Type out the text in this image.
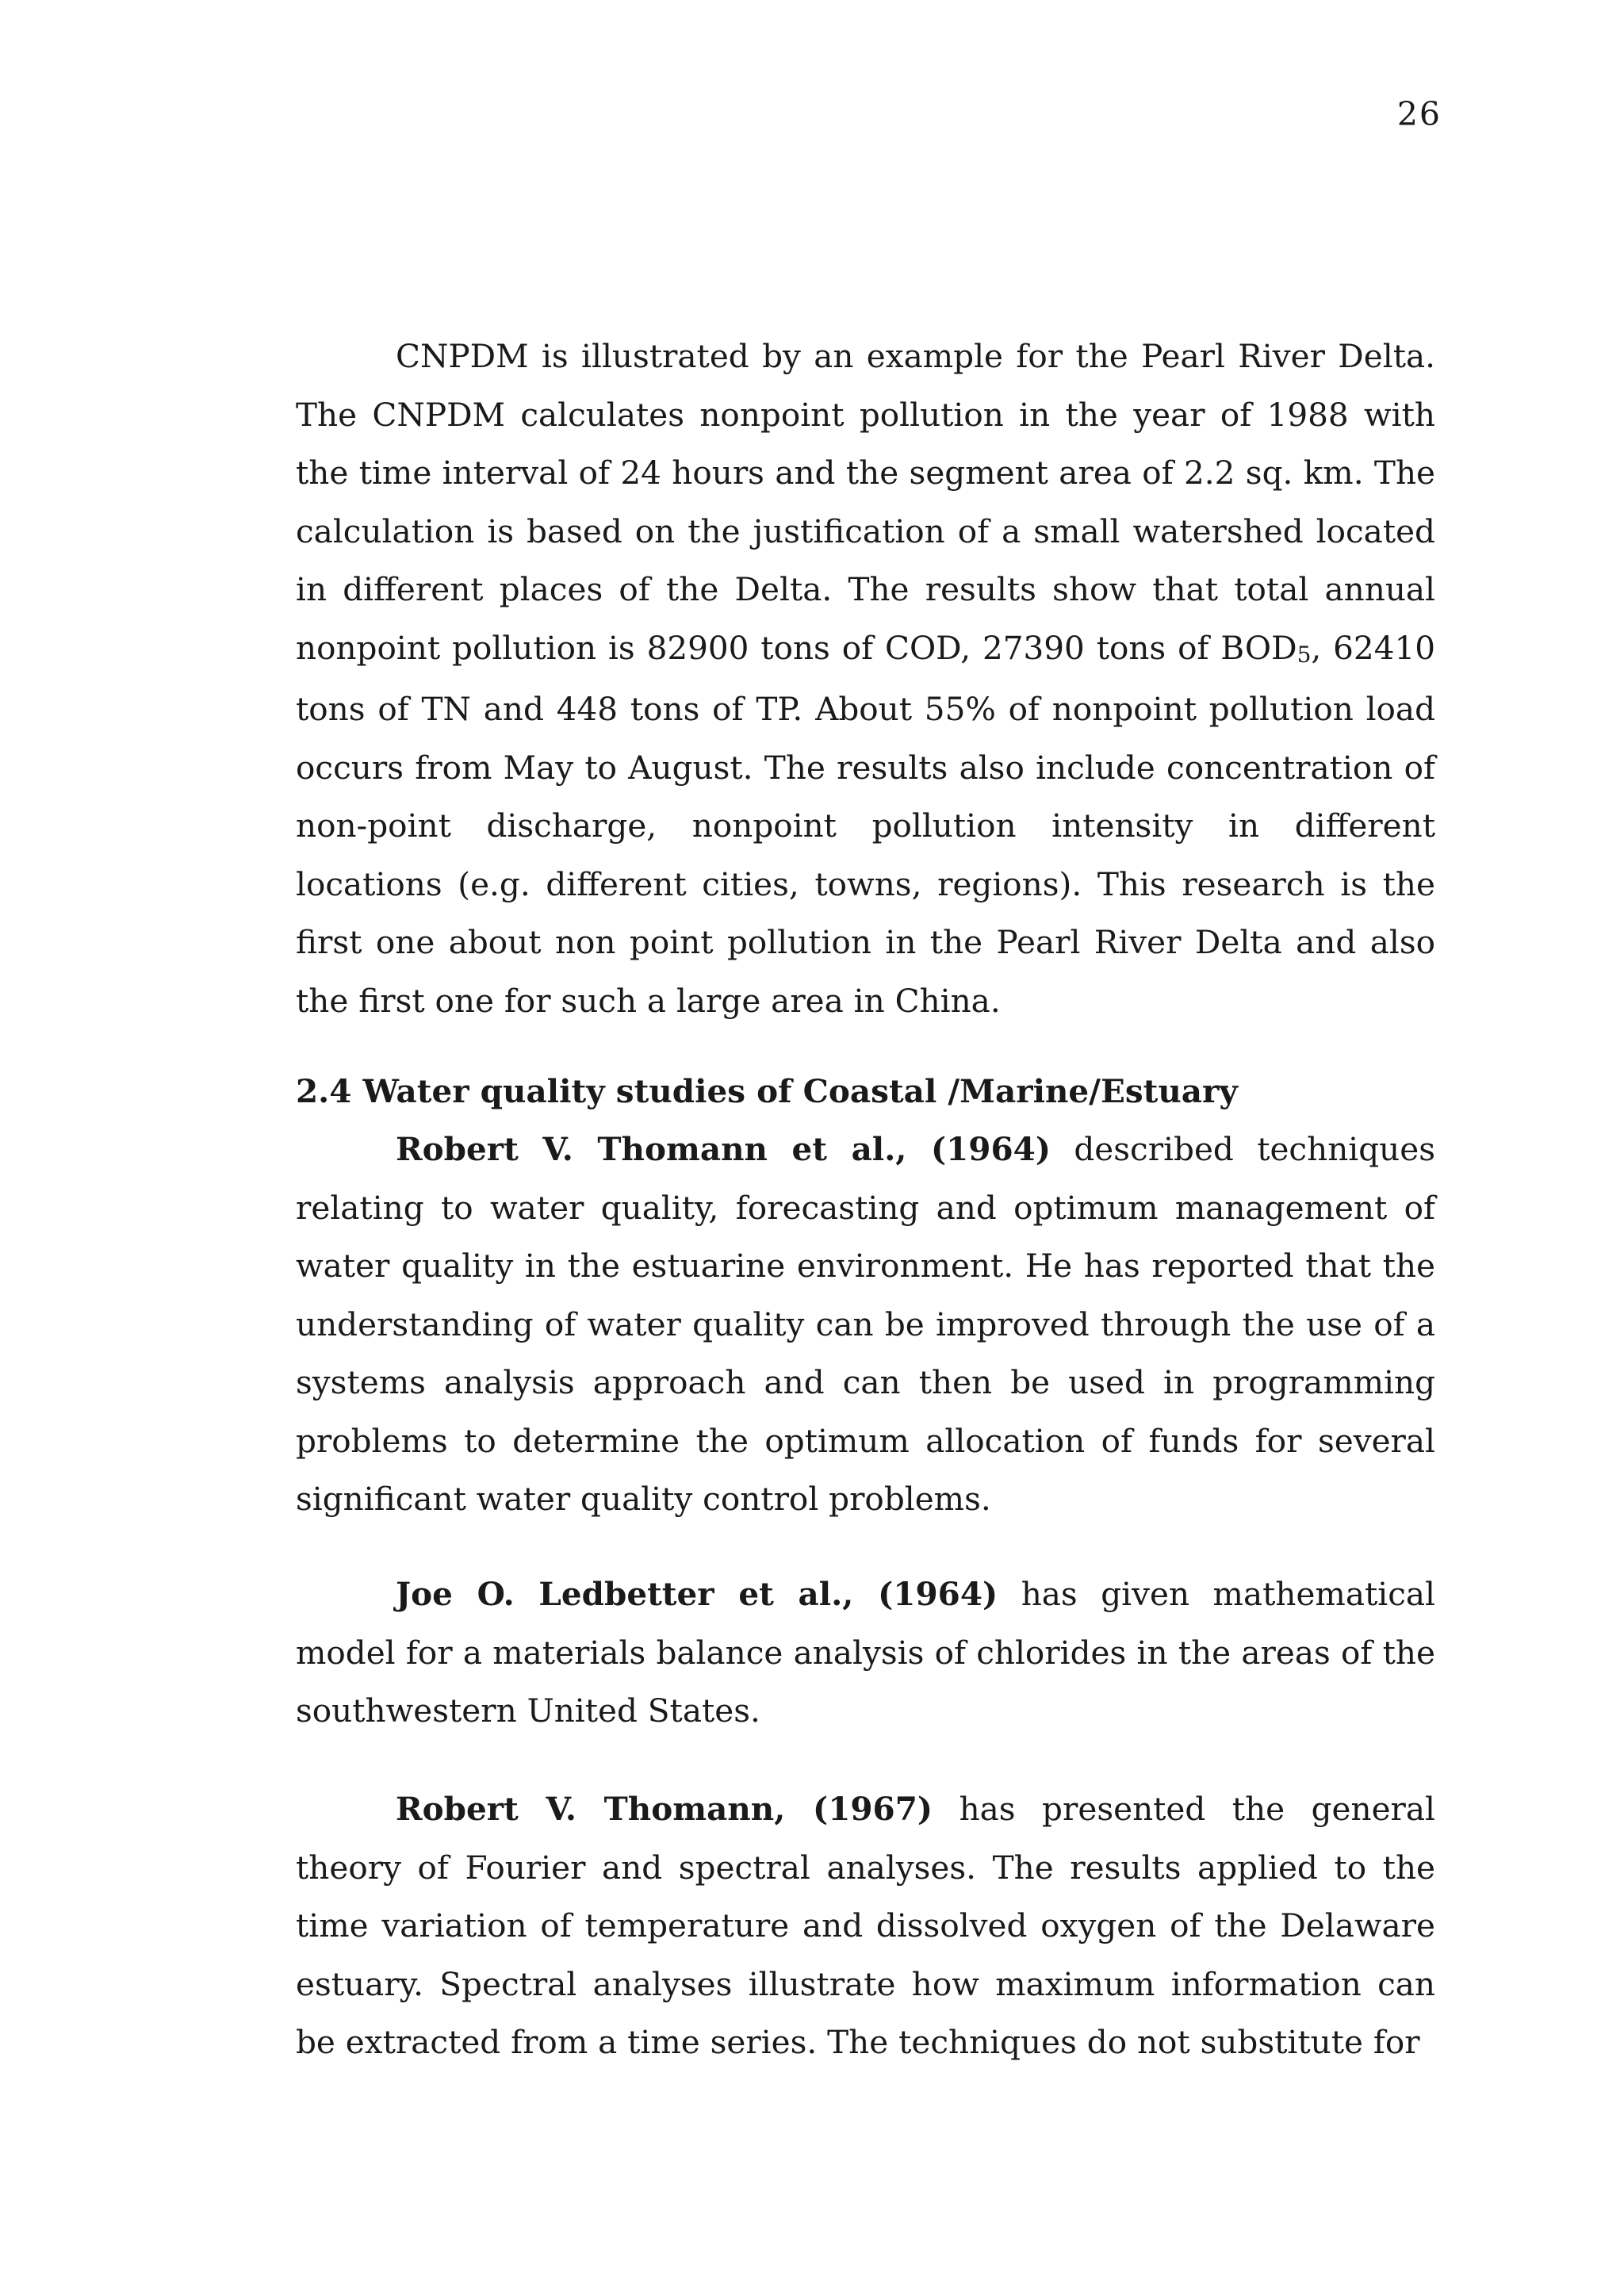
26

CNPDM is illustrated by an example for the Pearl River Delta. The CNPDM calculates nonpoint pollution in the year of 1988 with the time interval of 24 hours and the segment area of 2.2 sq. km. The calculation is based on the justification of a small watershed located in different places of the Delta. The results show that total annual nonpoint pollution is 82900 tons of COD, 27390 tons of $BOD_5$, 62410 tons of TN and 448 tons of TP. About 55% of nonpoint pollution load occurs from May to August. The results also include concentration of non-point discharge, nonpoint pollution intensity in different locations (e.g. different cities, towns, regions). This research is the first one about non point pollution in the Pearl River Delta and also the first one for such a large area in China.

2.4 Water quality studies of Coastal /Marine/Estuary

Robert V. Thomann et al., (1964) described techniques relating to water quality, forecasting and optimum management of water quality in the estuarine environment. He has reported that the understanding of water quality can be improved through the use of a systems analysis approach and can then be used in programming problems to determine the optimum allocation of funds for several significant water quality control problems.

Joe O. Ledbetter et al., (1964) has given mathematical model for a materials balance analysis of chlorides in the areas of the southwestern United States.

Robert V. Thomann, (1967) has presented the general theory of Fourier and spectral analyses. The results applied to the time variation of temperature and dissolved oxygen of the Delaware estuary. Spectral analyses illustrate how maximum information can be extracted from a time series. The techniques do not substitute for
